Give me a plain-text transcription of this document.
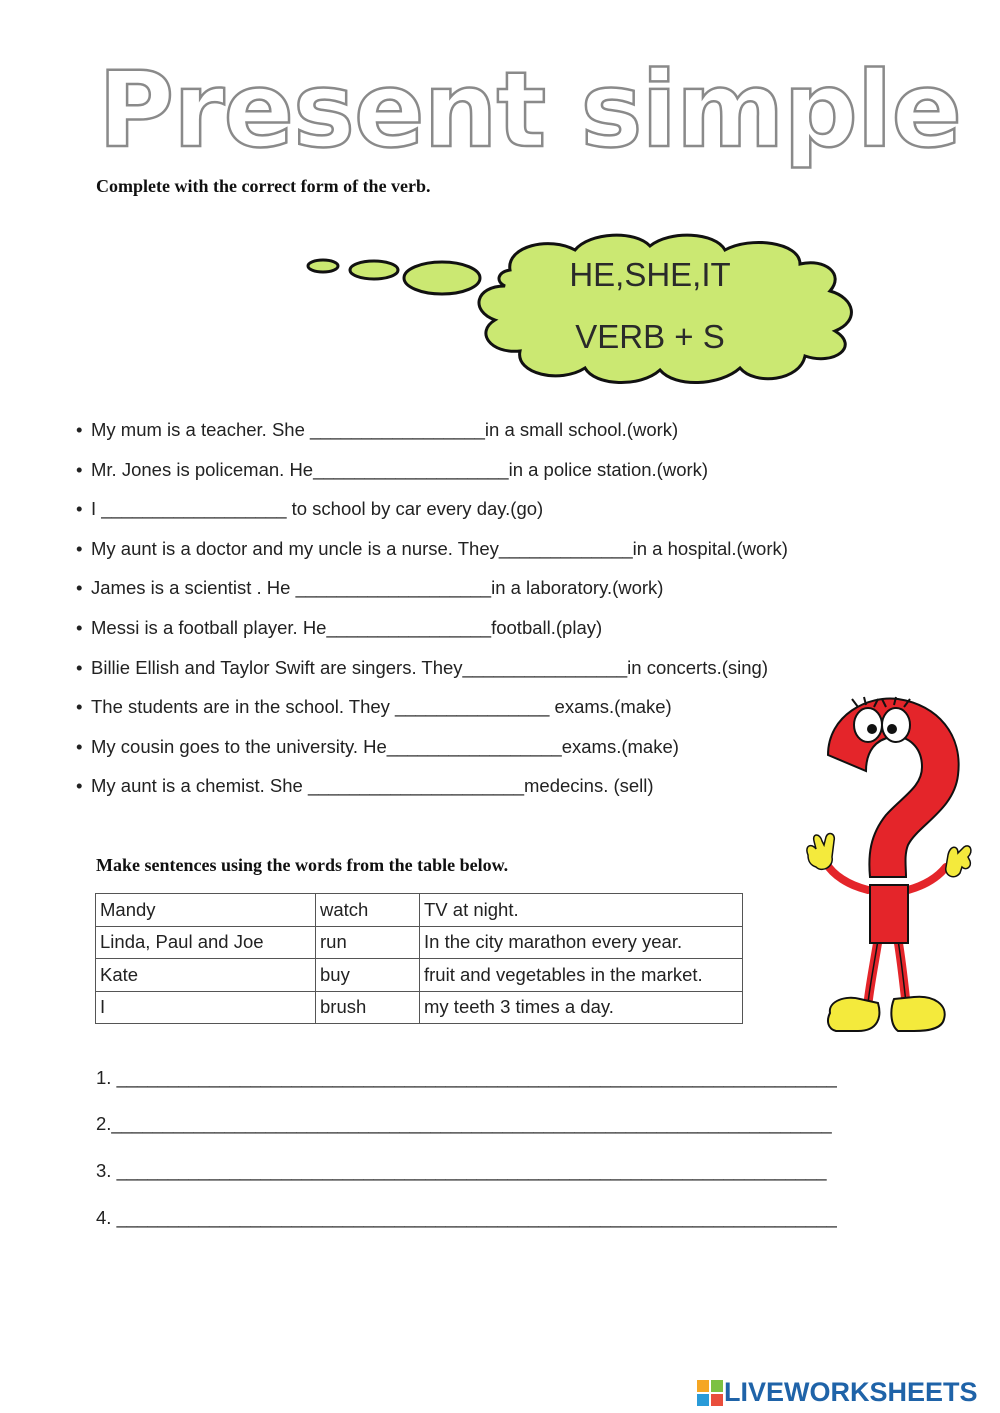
Present simple

Complete with the correct form of the verb.

HE,SHE,IT
VERB + S
• My mum is a teacher. She _________________in a small school.(work)
• Mr. Jones is policeman. He___________________in a police station.(work)
• I __________________ to school by car every day.(go)
• My aunt is a doctor and my uncle is a nurse. They_____________in a hospital.(work)
• James is a scientist . He ___________________in a laboratory.(work)
• Messi is a football player. He________________football.(play)
• Billie Ellish and Taylor Swift are singers. They________________in concerts.(sing)
• The students are in the school. They _______________ exams.(make)
• My cousin goes to the university. He_________________exams.(make)
• My aunt is a chemist. She _____________________medecins. (sell)

Make sentences using the words from the table below.

Mandy	watch	TV at night.
Linda, Paul and Joe	run	In the city marathon every year.
Kate	buy	fruit and vegetables in the market.
I	brush	my teeth 3 times a day.
1. ______________________________________________________________________
2.______________________________________________________________________
3. _____________________________________________________________________
4. ______________________________________________________________________
LIVEWORKSHEETS
